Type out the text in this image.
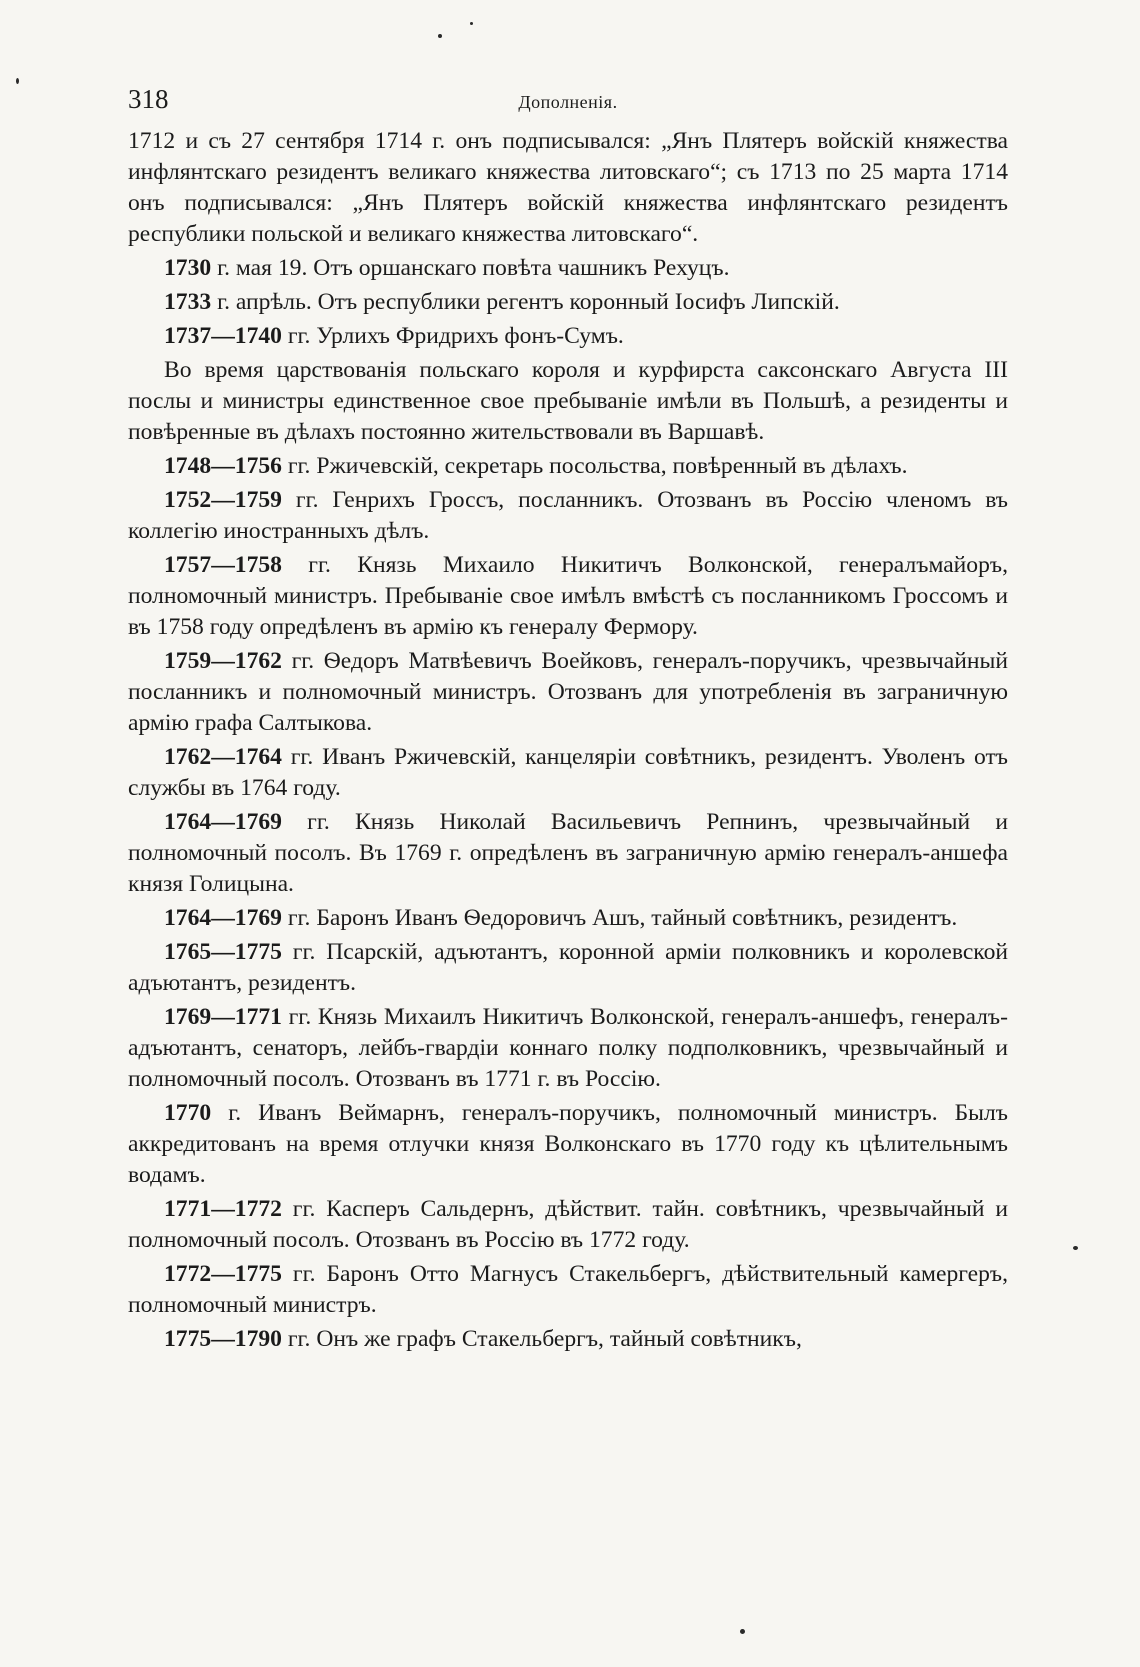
318	Дополненія.

1712 и съ 27 сентября 1714 г. онъ подписывался: „Янъ Плятеръ войскій княжества инфлянтскаго резидентъ великаго княжества литовскаго“; съ 1713 по 25 марта 1714 онъ подписывался: „Янъ Плятеръ войскій княжества инфлянтскаго резидентъ республики польской и великаго княжества литовскаго“.

1730 г. мая 19. Отъ оршанскаго повѣта чашникъ Рехуцъ.

1733 г. апрѣль. Отъ республики регентъ коронный Іосифъ Липскій.

1737—1740 гг. Урлихъ Фридрихъ фонъ-Сумъ.

Во время царствованія польскаго короля и курфирста саксонскаго Августа III послы и министры единственное свое пребываніе имѣли въ Польшѣ, а резиденты и повѣренные въ дѣлахъ постоянно жительствовали въ Варшавѣ.

1748—1756 гг. Ржичевскій, секретарь посольства, повѣренный въ дѣлахъ.

1752—1759 гг. Генрихъ Гроссъ, посланникъ. Отозванъ въ Россію членомъ въ коллегію иностранныхъ дѣлъ.

1757—1758 гг. Князь Михаило Никитичъ Волконской, генералъмайоръ, полномочный министръ. Пребываніе свое имѣлъ вмѣстѣ съ посланникомъ Гроссомъ и въ 1758 году опредѣленъ въ армію къ генералу Фермору.

1759—1762 гг. Ѳедоръ Матвѣевичъ Воейковъ, генералъ-поручикъ, чрезвычайный посланникъ и полномочный министръ. Отозванъ для употребленія въ заграничную армію графа Салтыкова.

1762—1764 гг. Иванъ Ржичевскій, канцеляріи совѣтникъ, резидентъ. Уволенъ отъ службы въ 1764 году.

1764—1769 гг. Князь Николай Васильевичъ Репнинъ, чрезвычайный и полномочный посолъ. Въ 1769 г. опредѣленъ въ заграничную армію генералъ-аншефа князя Голицына.

1764—1769 гг. Баронъ Иванъ Ѳедоровичъ Ашъ, тайный совѣтникъ, резидентъ.

1765—1775 гг. Псарскій, адъютантъ, коронной арміи полковникъ и королевской адъютантъ, резидентъ.

1769—1771 гг. Князь Михаилъ Никитичъ Волконской, генералъ-аншефъ, генералъ-адъютантъ, сенаторъ, лейбъ-гвардіи коннаго полку подполковникъ, чрезвычайный и полномочный посолъ. Отозванъ въ 1771 г. въ Россію.

1770 г. Иванъ Веймарнъ, генералъ-поручикъ, полномочный министръ. Былъ аккредитованъ на время отлучки князя Волконскаго въ 1770 году къ цѣлительнымъ водамъ.

1771—1772 гг. Касперъ Сальдернъ, дѣйствит. тайн. совѣтникъ, чрезвычайный и полномочный посолъ. Отозванъ въ Россію въ 1772 году.

1772—1775 гг. Баронъ Отто Магнусъ Стакельбергъ, дѣйствительный камергеръ, полномочный министръ.

1775—1790 гг. Онъ же графъ Стакельбергъ, тайный совѣтникъ,
